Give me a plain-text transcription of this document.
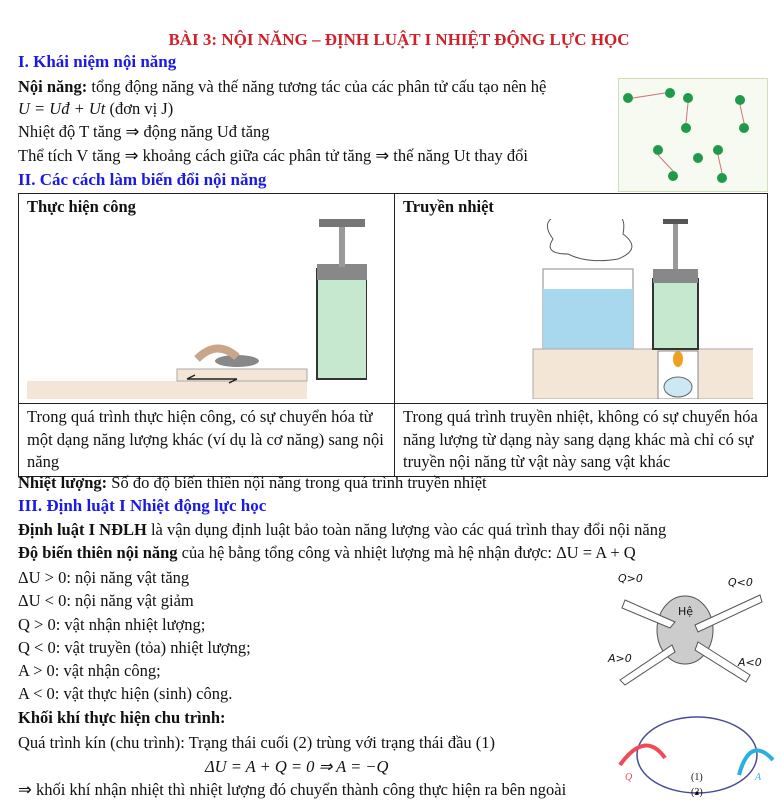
BÀI 3: NỘI NĂNG – ĐỊNH LUẬT I NHIỆT ĐỘNG LỰC HỌC
I. Khái niệm nội năng
Nội năng: tổng động năng và thế năng tương tác của các phân tử cấu tạo nên hệ
U = Uđ + Ut (đơn vị J)
Nhiệt độ T tăng ⇒ động năng Uđ tăng
Thể tích V tăng ⇒ khoảng cách giữa các phân tử tăng ⇒ thế năng Ut thay đổi
II. Các cách làm biến đổi nội năng
Thực hiện công	Truyền nhiệt

Trong quá trình thực hiện công, có sự chuyển hóa từ một dạng năng lượng khác (ví dụ là cơ năng) sang nội năng	Trong quá trình truyền nhiệt, không có sự chuyển hóa năng lượng từ dạng này sang dạng khác mà chỉ có sự truyền nội năng từ vật này sang vật khác
Nhiệt lượng: Số đo độ biến thiên nội năng trong quá trình truyền nhiệt
III. Định luật I Nhiệt động lực học
Định luật I NĐLH là vận dụng định luật bảo toàn năng lượng vào các quá trình thay đổi nội năng
Độ biến thiên nội năng của hệ bằng tổng công và nhiệt lượng mà hệ nhận được: ΔU = A + Q
ΔU > 0: nội năng vật tăng
ΔU < 0: nội năng vật giảm
Q > 0: vật nhận nhiệt lượng;
Q < 0: vật truyền (tỏa) nhiệt lượng;
A > 0: vật nhận công;
A < 0: vật thực hiện (sinh) công.
Khối khí thực hiện chu trình:
Quá trình kín (chu trình): Trạng thái cuối (2) trùng với trạng thái đầu (1)
ΔU = A + Q = 0 ⇒ A = −Q
⇒ khối khí nhận nhiệt thì nhiệt lượng đó chuyển thành công thực hiện ra bên ngoài
Q>0	Q<0
Hệ
A>0	A<0
Q	A
(1)
(2)
